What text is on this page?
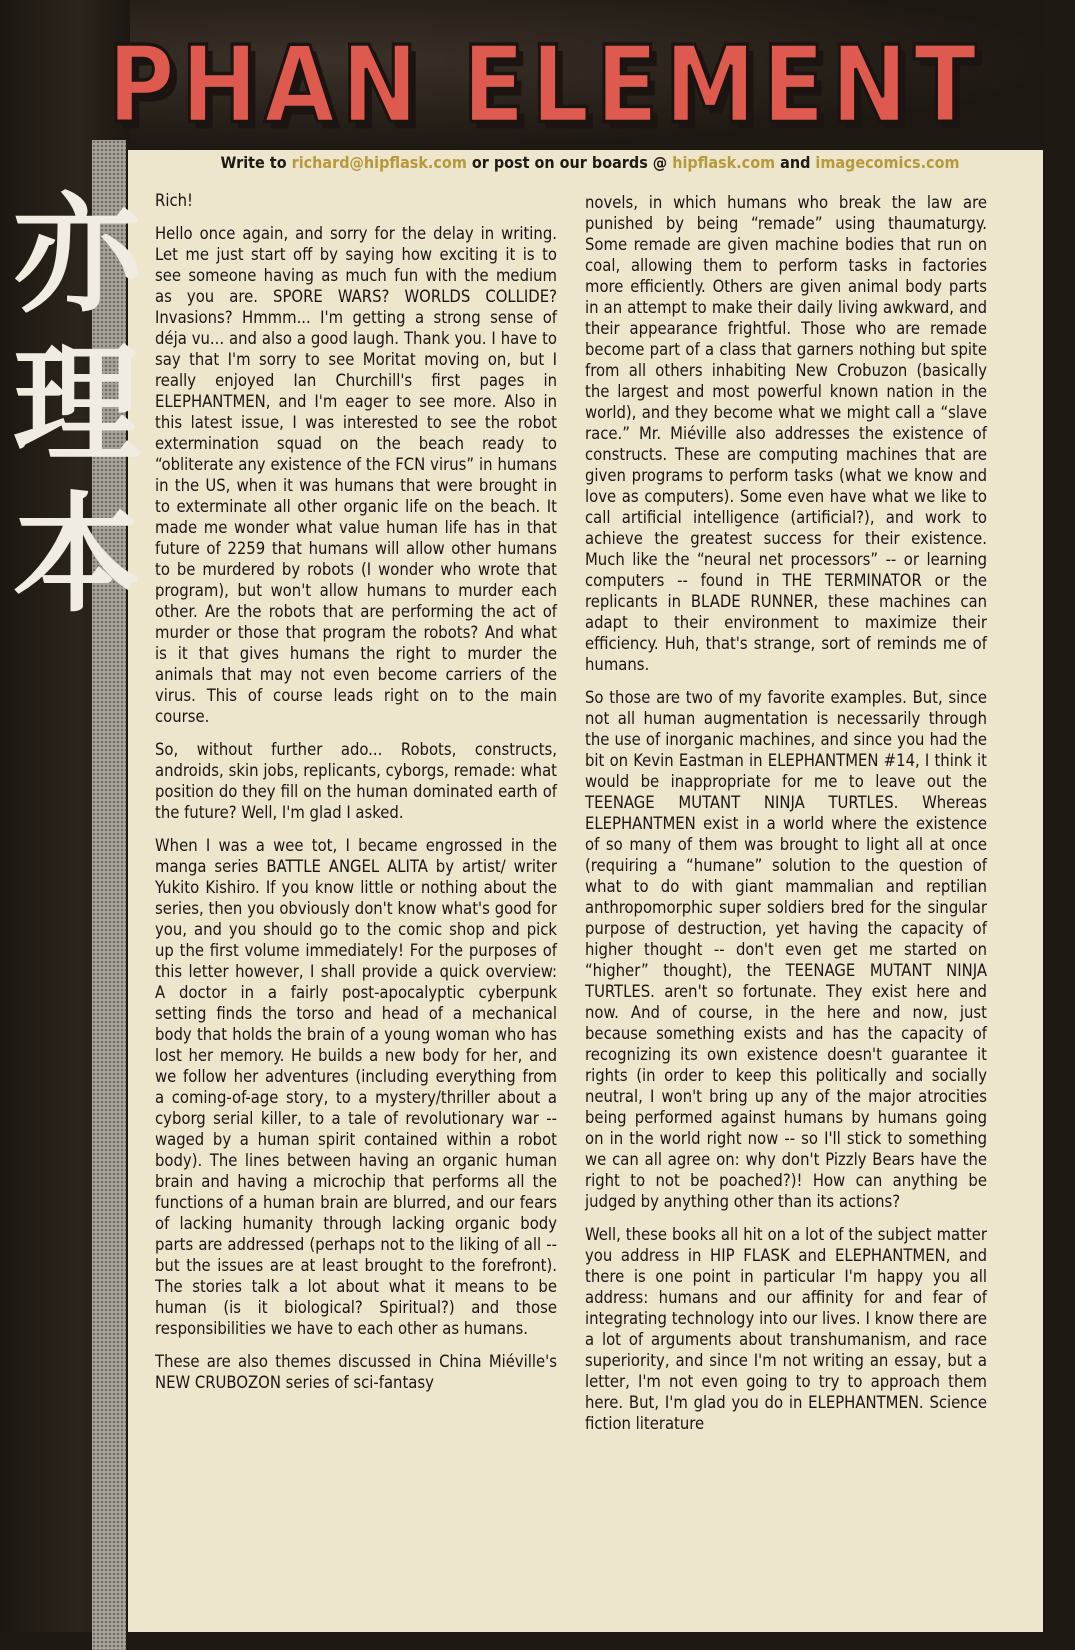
PHAN ELEMENT
Write to richard@hipflask.com or post on our boards @ hipflask.com and imagecomics.com
亦
理
本

Rich!

Hello once again, and sorry for the delay in writing. Let me just start off by saying how exciting it is to see someone having as much fun with the medium as you are. SPORE WARS? WORLDS COLLIDE? Invasions? Hmmm... I'm getting a strong sense of déja vu... and also a good laugh. Thank you. I have to say that I'm sorry to see Moritat moving on, but I really enjoyed Ian Churchill's first pages in ELEPHANTMEN, and I'm eager to see more. Also in this latest issue, I was interested to see the robot extermination squad on the beach ready to “obliterate any existence of the FCN virus” in humans in the US, when it was humans that were brought in to exterminate all other organic life on the beach. It made me wonder what value human life has in that future of 2259 that humans will allow other humans to be murdered by robots (I wonder who wrote that program), but won't allow humans to murder each other. Are the robots that are performing the act of murder or those that program the robots? And what is it that gives humans the right to murder the animals that may not even become carriers of the virus. This of course leads right on to the main course.

So, without further ado... Robots, constructs, androids, skin jobs, replicants, cyborgs, remade: what position do they fill on the human dominated earth of the future? Well, I'm glad I asked.

When I was a wee tot, I became engrossed in the manga series BATTLE ANGEL ALITA by artist/ writer Yukito Kishiro. If you know little or nothing about the series, then you obviously don't know what's good for you, and you should go to the comic shop and pick up the first volume immediately! For the purposes of this letter however, I shall provide a quick overview: A doctor in a fairly post-apocalyptic cyberpunk setting finds the torso and head of a mechanical body that holds the brain of a young woman who has lost her memory. He builds a new body for her, and we follow her adventures (including everything from a coming-of-age story, to a mystery/thriller about a cyborg serial killer, to a tale of revolutionary war -- waged by a human spirit contained within a robot body). The lines between having an organic human brain and having a microchip that performs all the functions of a human brain are blurred, and our fears of lacking humanity through lacking organic body parts are addressed (perhaps not to the liking of all -- but the issues are at least brought to the forefront). The stories talk a lot about what it means to be human (is it biological? Spiritual?) and those responsibilities we have to each other as humans.

These are also themes discussed in China Miéville's NEW CRUBOZON series of sci-fantasy

novels, in which humans who break the law are punished by being “remade” using thaumaturgy. Some remade are given machine bodies that run on coal, allowing them to perform tasks in factories more efficiently. Others are given animal body parts in an attempt to make their daily living awkward, and their appearance frightful. Those who are remade become part of a class that garners nothing but spite from all others inhabiting New Crobuzon (basically the largest and most powerful known nation in the world), and they become what we might call a “slave race.” Mr. Miéville also addresses the existence of constructs. These are computing machines that are given programs to perform tasks (what we know and love as computers). Some even have what we like to call artificial intelligence (artificial?), and work to achieve the greatest success for their existence. Much like the “neural net processors” -- or learning computers -- found in THE TERMINATOR or the replicants in BLADE RUNNER, these machines can adapt to their environment to maximize their efficiency. Huh, that's strange, sort of reminds me of humans.

So those are two of my favorite examples. But, since not all human augmentation is necessarily through the use of inorganic machines, and since you had the bit on Kevin Eastman in ELEPHANTMEN #14, I think it would be inappropriate for me to leave out the TEENAGE MUTANT NINJA TURTLES. Whereas ELEPHANTMEN exist in a world where the existence of so many of them was brought to light all at once (requiring a “humane” solution to the question of what to do with giant mammalian and reptilian anthropomorphic super soldiers bred for the singular purpose of destruction, yet having the capacity of higher thought -- don't even get me started on “higher” thought), the TEENAGE MUTANT NINJA TURTLES. aren't so fortunate. They exist here and now. And of course, in the here and now, just because something exists and has the capacity of recognizing its own existence doesn't guarantee it rights (in order to keep this politically and socially neutral, I won't bring up any of the major atrocities being performed against humans by humans going on in the world right now -- so I'll stick to something we can all agree on: why don't Pizzly Bears have the right to not be poached?)! How can anything be judged by anything other than its actions?

Well, these books all hit on a lot of the subject matter you address in HIP FLASK and ELEPHANTMEN, and there is one point in particular I'm happy you all address: humans and our affinity for and fear of integrating technology into our lives. I know there are a lot of arguments about transhumanism, and race superiority, and since I'm not writing an essay, but a letter, I'm not even going to try to approach them here. But, I'm glad you do in ELEPHANTMEN. Science fiction literature
